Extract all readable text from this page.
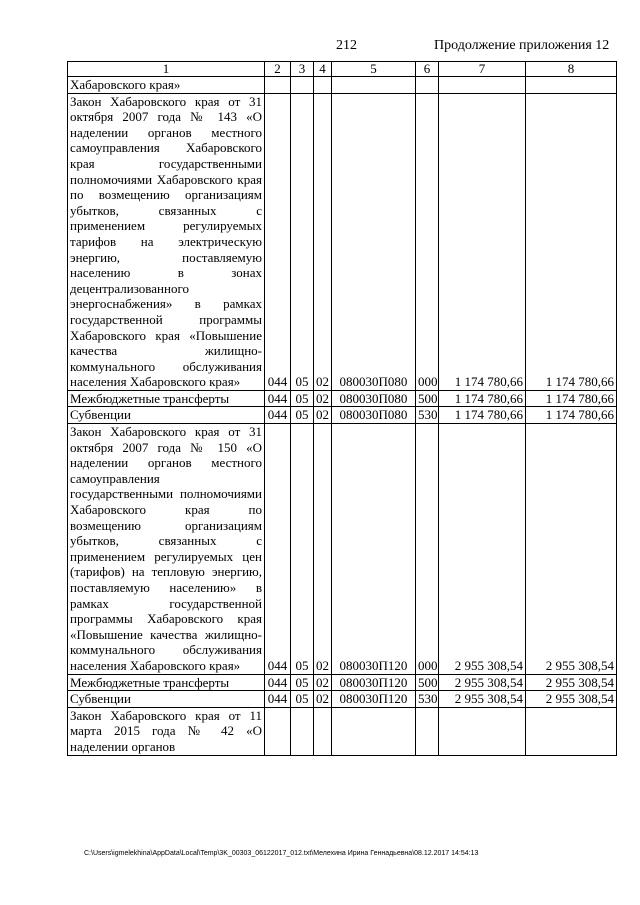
212	Продолжение приложения 12
1	2	3	4	5	6	7	8
Хабаровского края»							
Закон Хабаровского края от 31 октября 2007 года № 143 «О наделении органов местного самоуправления Хабаровского края государственными полномочиями Хабаровского края по возмещению организациям убытков, связанных с применением регулируемых тарифов на электрическую энергию, поставляемую населению в зонах децентрализованного энергоснабжения» в рамках государственной программы Хабаровского края «Повышение качества жилищно-коммунального обслуживания населения Хабаровского края»	044	05	02	080030П080	000	1 174 780,66	1 174 780,66
Межбюджетные трансферты	044	05	02	080030П080	500	1 174 780,66	1 174 780,66
Субвенции	044	05	02	080030П080	530	1 174 780,66	1 174 780,66
Закон Хабаровского края от 31 октября 2007 года № 150 «О наделении органов местного самоуправления государственными полномочиями Хабаровского края по возмещению организациям убытков, связанных с применением регулируемых цен (тарифов) на тепловую энергию, поставляемую населению» в рамках государственной программы Хабаровского края «Повышение качества жилищно-коммунального обслуживания населения Хабаровского края»	044	05	02	080030П120	000	2 955 308,54	2 955 308,54
Межбюджетные трансферты	044	05	02	080030П120	500	2 955 308,54	2 955 308,54
Субвенции	044	05	02	080030П120	530	2 955 308,54	2 955 308,54
Закон Хабаровского края от 11 марта 2015 года № 42 «О наделении органов							
C:\Users\igmelekhina\AppData\Local\Temp\3K_00303_06122017_012.txt\Мелехина Ирина Геннадьевна\08.12.2017 14:54:13
